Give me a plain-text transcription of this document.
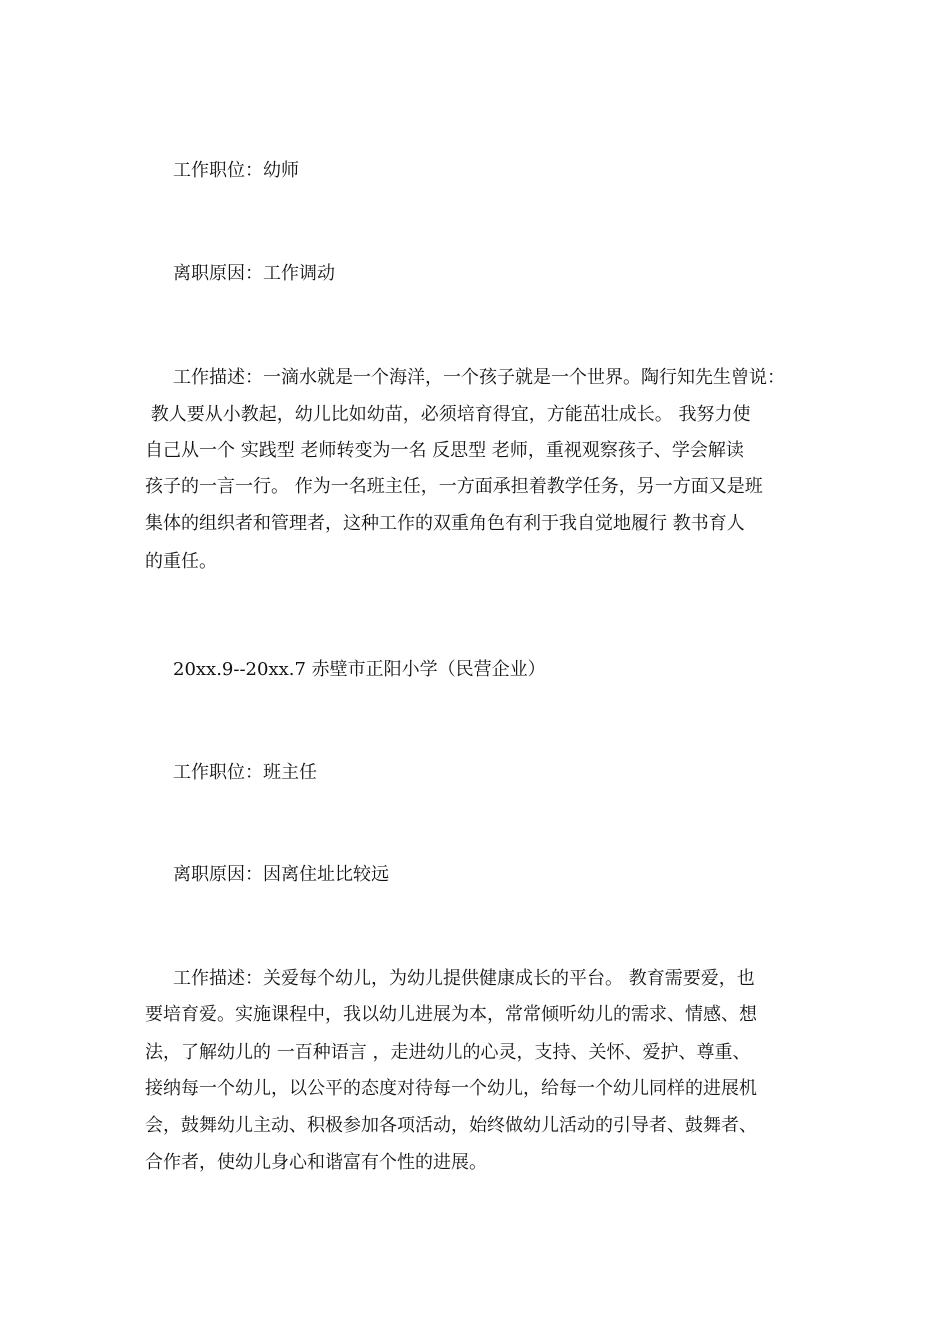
工作职位：幼师
离职原因：工作调动
工作描述：一滴水就是一个海洋，一个孩子就是一个世界。陶行知先生曾说：
教人要从小教起，幼儿比如幼苗，必须培育得宜，方能茁壮成长。 我努力使
自己从一个 实践型 老师转变为一名 反思型 老师，重视观察孩子、学会解读
孩子的一言一行。 作为一名班主任，一方面承担着教学任务，另一方面又是班
集体的组织者和管理者，这种工作的双重角色有利于我自觉地履行 教书育人
的重任。
20xx.9--20xx.7 赤壁市正阳小学（民营企业）
工作职位：班主任
离职原因：因离住址比较远
工作描述：关爱每个幼儿，为幼儿提供健康成长的平台。 教育需要爱，也
要培育爱。实施课程中，我以幼儿进展为本，常常倾听幼儿的需求、情感、想
法，了解幼儿的 一百种语言 ，走进幼儿的心灵，支持、关怀、爱护、尊重、
接纳每一个幼儿，以公平的态度对待每一个幼儿，给每一个幼儿同样的进展机
会，鼓舞幼儿主动、积极参加各项活动，始终做幼儿活动的引导者、鼓舞者、
合作者，使幼儿身心和谐富有个性的进展。
